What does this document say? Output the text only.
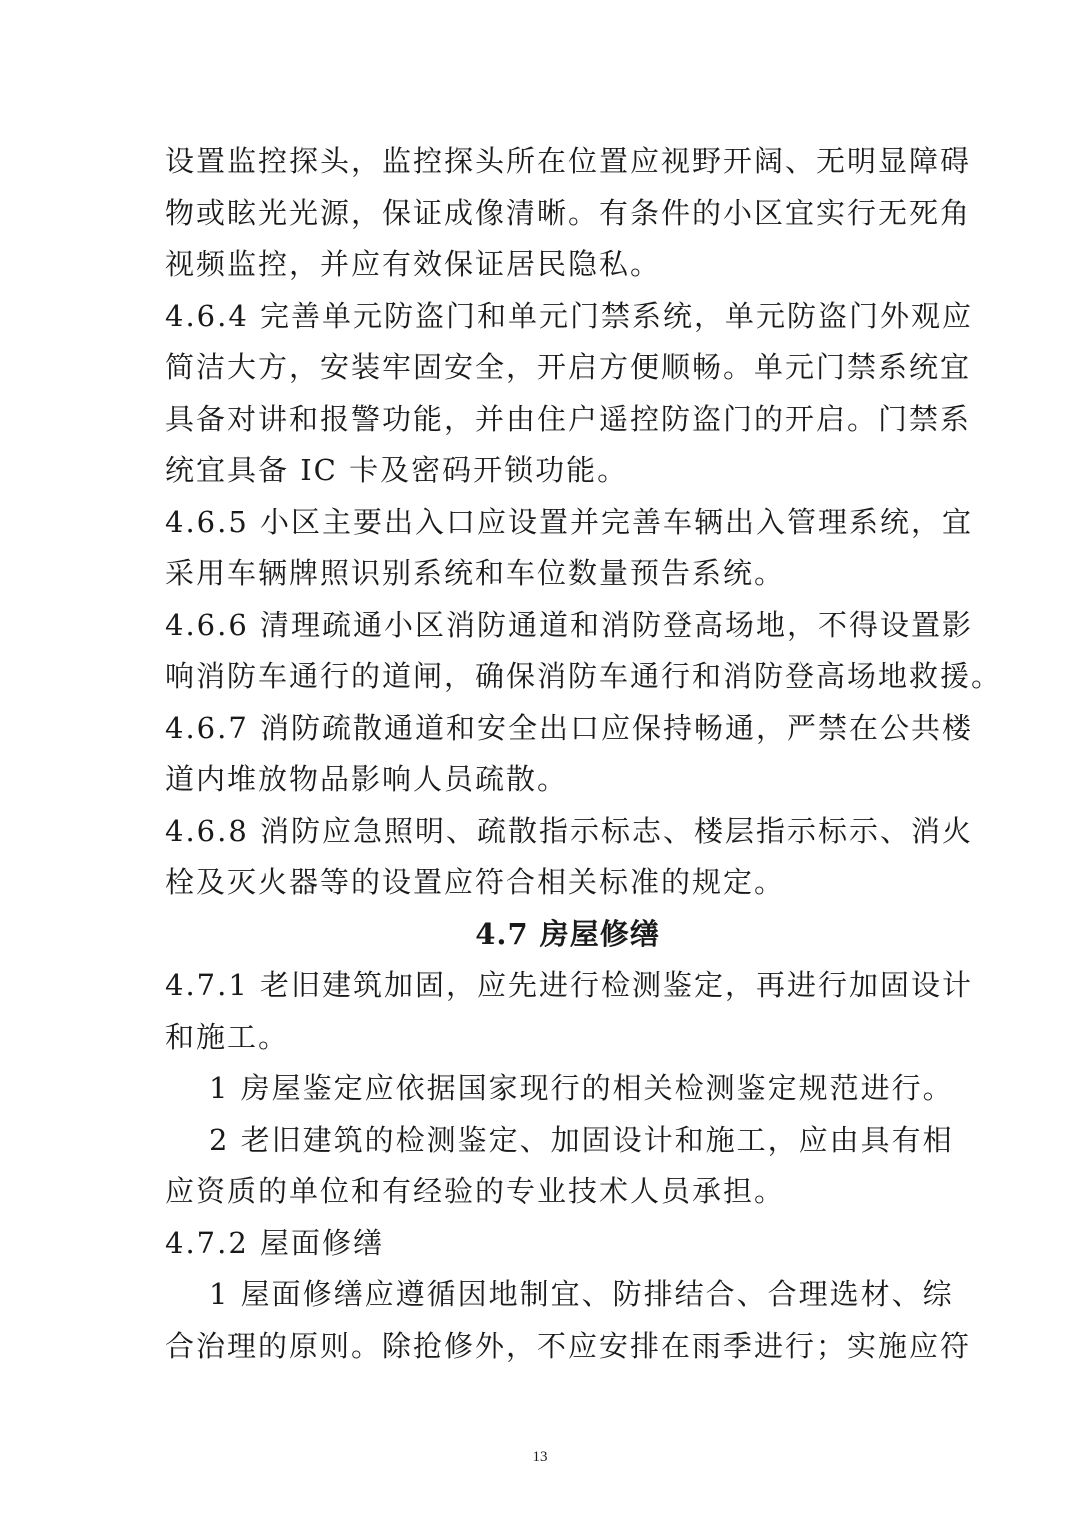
设置监控探头，监控探头所在位置应视野开阔、无明显障碍
物或眩光光源，保证成像清晰。有条件的小区宜实行无死角
视频监控，并应有效保证居民隐私。
4.6.4 完善单元防盗门和单元门禁系统，单元防盗门外观应
简洁大方，安装牢固安全，开启方便顺畅。单元门禁系统宜
具备对讲和报警功能，并由住户遥控防盗门的开启。门禁系
统宜具备 IC 卡及密码开锁功能。
4.6.5 小区主要出入口应设置并完善车辆出入管理系统，宜
采用车辆牌照识别系统和车位数量预告系统。
4.6.6 清理疏通小区消防通道和消防登高场地，不得设置影
响消防车通行的道闸，确保消防车通行和消防登高场地救援。
4.6.7 消防疏散通道和安全出口应保持畅通，严禁在公共楼
道内堆放物品影响人员疏散。
4.6.8 消防应急照明、疏散指示标志、楼层指示标示、消火
栓及灭火器等的设置应符合相关标准的规定。
4.7 房屋修缮
4.7.1 老旧建筑加固，应先进行检测鉴定，再进行加固设计
和施工。
1 房屋鉴定应依据国家现行的相关检测鉴定规范进行。
2 老旧建筑的检测鉴定、加固设计和施工，应由具有相
应资质的单位和有经验的专业技术人员承担。
4.7.2 屋面修缮
1 屋面修缮应遵循因地制宜、防排结合、合理选材、综
合治理的原则。除抢修外，不应安排在雨季进行；实施应符
13
